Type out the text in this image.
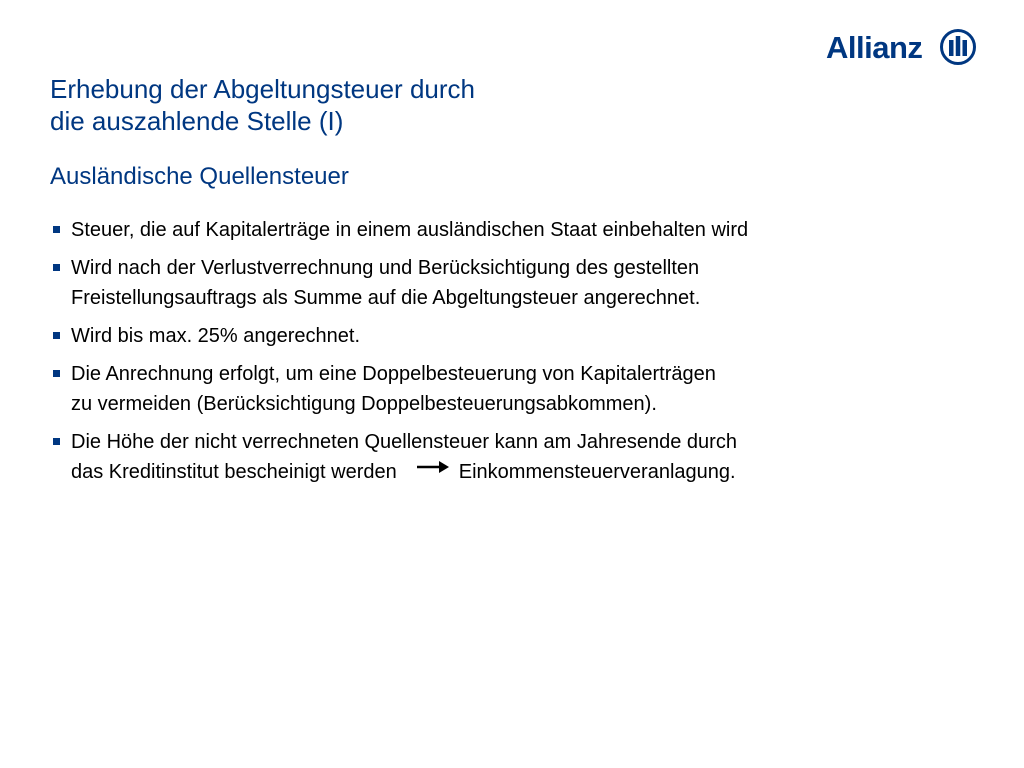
Allianz
Erhebung der Abgeltungsteuer durch
die auszahlende Stelle (I)
Ausländische Quellensteuer
Steuer, die auf Kapitalerträge in einem ausländischen Staat einbehalten wird
Wird nach der Verlustverrechnung und Berücksichtigung des gestellten
Freistellungsauftrags als Summe auf die Abgeltungsteuer angerechnet.
Wird bis max. 25% angerechnet.
Die Anrechnung erfolgt, um eine Doppelbesteuerung von Kapitalerträgen
zu vermeiden (Berücksichtigung Doppelbesteuerungsabkommen).
Die Höhe der nicht verrechneten Quellensteuer kann am Jahresende durch
das Kreditinstitut bescheinigt werden	Einkommensteuerveranlagung.
